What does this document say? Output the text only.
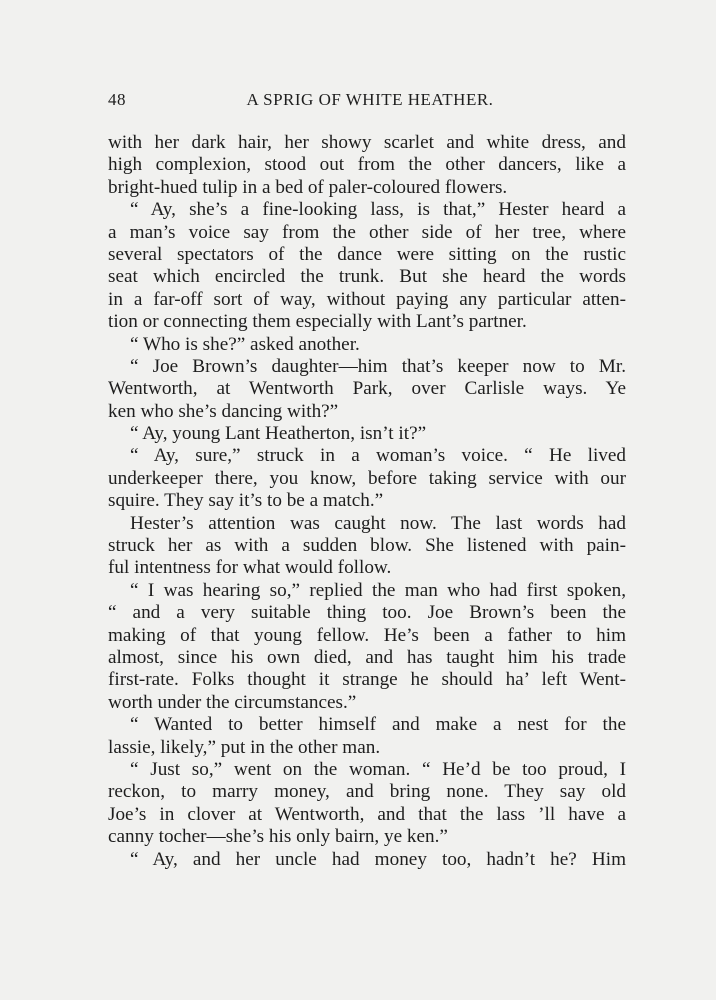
48	A SPRIG OF WHITE HEATHER.
with her dark hair, her showy scarlet and white dress, and
high complexion, stood out from the other dancers, like a
bright-hued tulip in a bed of paler-coloured flowers.
“ Ay, she’s a fine-looking lass, is that,” Hester heard a
a man’s voice say from the other side of her tree, where
several spectators of the dance were sitting on the rustic
seat which encircled the trunk. But she heard the words
in a far-off sort of way, without paying any particular atten-
tion or connecting them especially with Lant’s partner.
“ Who is she?” asked another.
“ Joe Brown’s daughter—him that’s keeper now to Mr.
Wentworth, at Wentworth Park, over Carlisle ways. Ye
ken who she’s dancing with?”
“ Ay, young Lant Heatherton, isn’t it?”
“ Ay, sure,” struck in a woman’s voice. “ He lived
underkeeper there, you know, before taking service with our
squire. They say it’s to be a match.”
Hester’s attention was caught now. The last words had
struck her as with a sudden blow. She listened with pain-
ful intentness for what would follow.
“ I was hearing so,” replied the man who had first spoken,
“ and a very suitable thing too. Joe Brown’s been the
making of that young fellow. He’s been a father to him
almost, since his own died, and has taught him his trade
first-rate. Folks thought it strange he should ha’ left Went-
worth under the circumstances.”
“ Wanted to better himself and make a nest for the
lassie, likely,” put in the other man.
“ Just so,” went on the woman. “ He’d be too proud, I
reckon, to marry money, and bring none. They say old
Joe’s in clover at Wentworth, and that the lass ’ll have a
canny tocher—she’s his only bairn, ye ken.”
“ Ay, and her uncle had money too, hadn’t he? Him
